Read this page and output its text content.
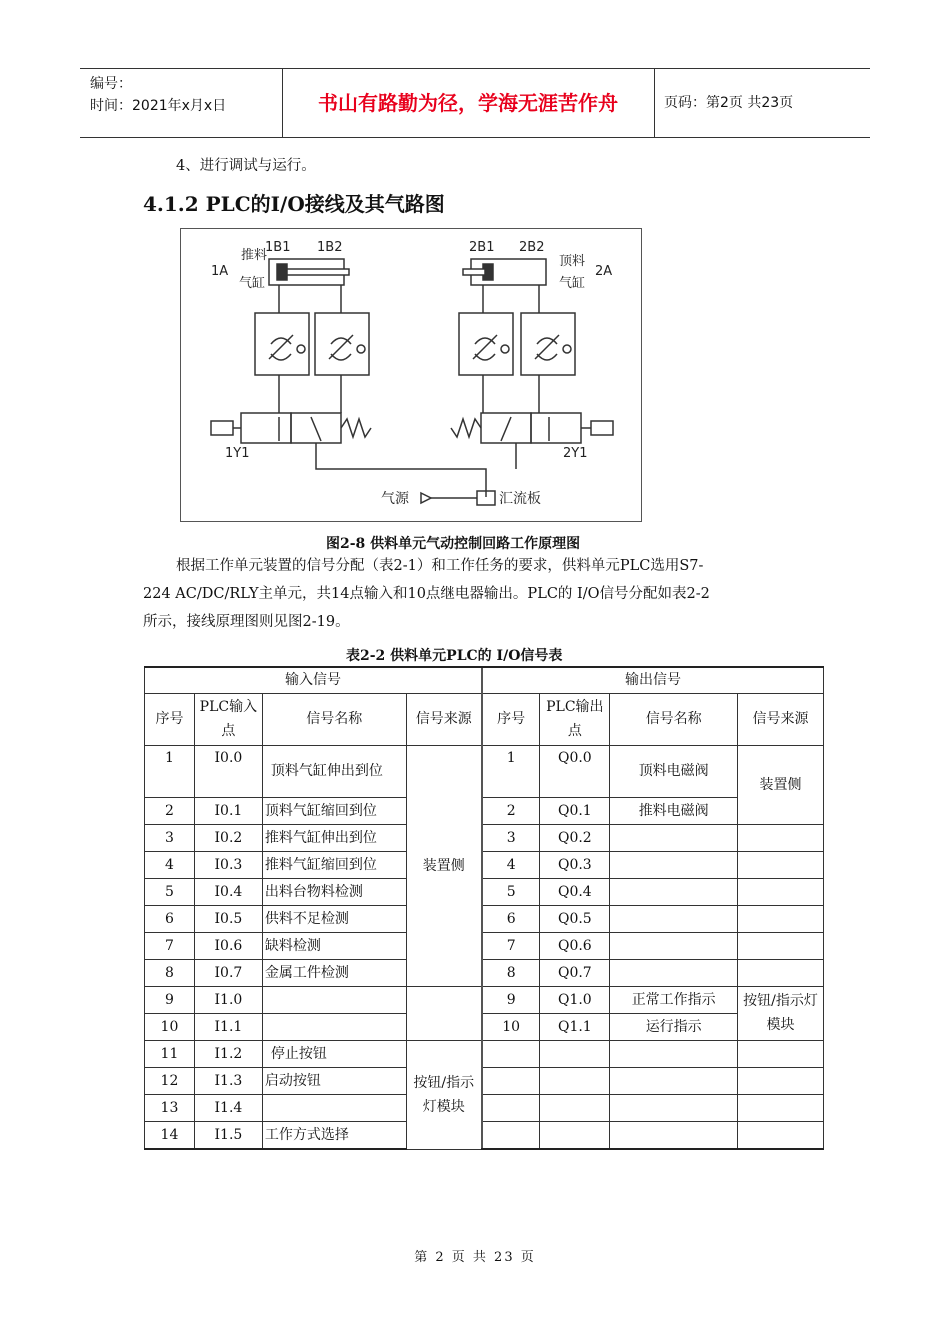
编号：
时间：2021年x月x日	书山有路勤为径，学海无涯苦作舟	页码：第2页 共23页
4、进行调试与运行。
4.1.2 PLC的I/O接线及其气路图
推料
1A
气缸
1B1 1B2	2B1 2B2
顶料
2A
气缸
1Y1	2Y1
气源	汇流板
图2-8 供料单元气动控制回路工作原理图
根据工作单元装置的信号分配（表2-1）和工作任务的要求，供料单元PLC选用S7-
224 AC/DC/RLY主单元，共14点输入和10点继电器输出。PLC的 I/O信号分配如表2-2
所示，接线原理图则见图2-19。
表2-2 供料单元PLC的 I/O信号表
输入信号				输出信号			
序号	PLC输入点	信号名称	信号来源	序号	PLC输出点	信号名称	信号来源
1	I0.0	顶料气缸伸出到位	装置侧	1	Q0.0	顶料电磁阀	装置侧
2	I0.1	顶料气缸缩回到位		2	Q0.1	推料电磁阀	
3	I0.2	推料气缸伸出到位		3	Q0.2		
4	I0.3	推料气缸缩回到位		4	Q0.3		
5	I0.4	出料台物料检测		5	Q0.4		
6	I0.5	供料不足检测		6	Q0.5		
7	I0.6	缺料检测		7	Q0.6		
8	I0.7	金属工件检测		8	Q0.7		
9	I1.0			9	Q1.0	正常工作指示	按钮/指示灯模块
10	I1.1			10	Q1.1	运行指示	
11	I1.2	停止按钮	按钮/指示灯模块				
12	I1.3	启动按钮					
13	I1.4						
14	I1.5	工作方式选择					
第 2 页 共 23 页
